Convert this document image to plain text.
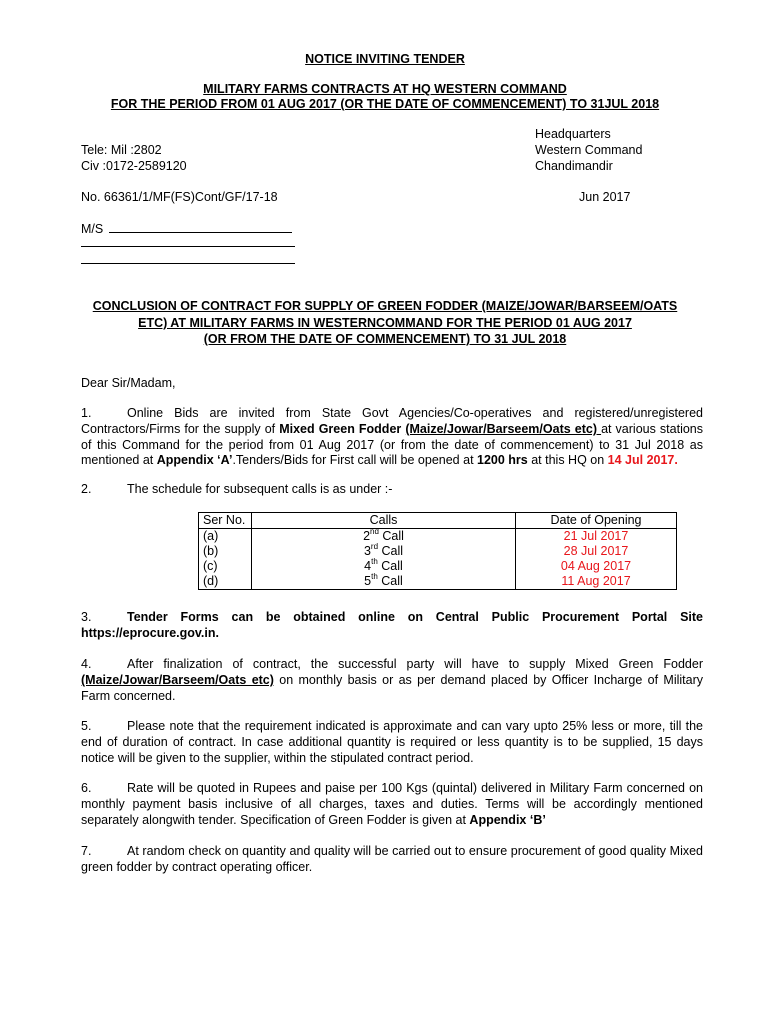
NOTICE INVITING TENDER
MILITARY FARMS CONTRACTS AT HQ WESTERN COMMAND
FOR THE PERIOD FROM 01 AUG 2017 (OR THE DATE OF COMMENCEMENT) TO 31JUL 2018
Headquarters
Western Command
Chandimandir
Tele: Mil :2802
Civ :0172-2589120
No. 66361/1/MF(FS)Cont/GF/17-18	Jun 2017
M/S
CONCLUSION OF CONTRACT FOR SUPPLY OF GREEN FODDER (MAIZE/JOWAR/BARSEEM/OATS
ETC) AT MILITARY FARMS IN WESTERNCOMMAND FOR THE PERIOD 01 AUG 2017
(OR FROM THE DATE OF COMMENCEMENT) TO 31 JUL 2018
Dear Sir/Madam,
1.	Online Bids are invited from State Govt Agencies/Co-operatives and registered/unregistered Contractors/Firms for the supply of Mixed Green Fodder (Maize/Jowar/Barseem/Oats etc) at various stations of this Command for the period from 01 Aug 2017 (or from the date of commencement) to 31 Jul 2018 as mentioned at Appendix ‘A’.Tenders/Bids for First call will be opened at 1200 hrs at this HQ on 14 Jul 2017.
2.	The schedule for subsequent calls is as under :-
Ser No.	Calls	Date of Opening
(a)	2nd Call	21 Jul 2017
(b)	3rd Call	28 Jul 2017
(c)	4th Call	04 Aug 2017
(d)	5th Call	11 Aug 2017
3.	Tender Forms can be obtained online on Central Public Procurement Portal Site https://eprocure.gov.in.
4.	After finalization of contract, the successful party will have to supply Mixed Green Fodder (Maize/Jowar/Barseem/Oats etc) on monthly basis or as per demand placed by Officer Incharge of Military Farm concerned.
5.	Please note that the requirement indicated is approximate and can vary upto 25% less or more, till the end of duration of contract. In case additional quantity is required or less quantity is to be supplied, 15 days notice will be given to the supplier, within the stipulated contract period.
6.	Rate will be quoted in Rupees and paise per 100 Kgs (quintal) delivered in Military Farm concerned on monthly payment basis inclusive of all charges, taxes and duties. Terms will be accordingly mentioned separately alongwith tender. Specification of Green Fodder is given at Appendix ‘B’
7.	At random check on quantity and quality will be carried out to ensure procurement of good quality Mixed green fodder by contract operating officer.
